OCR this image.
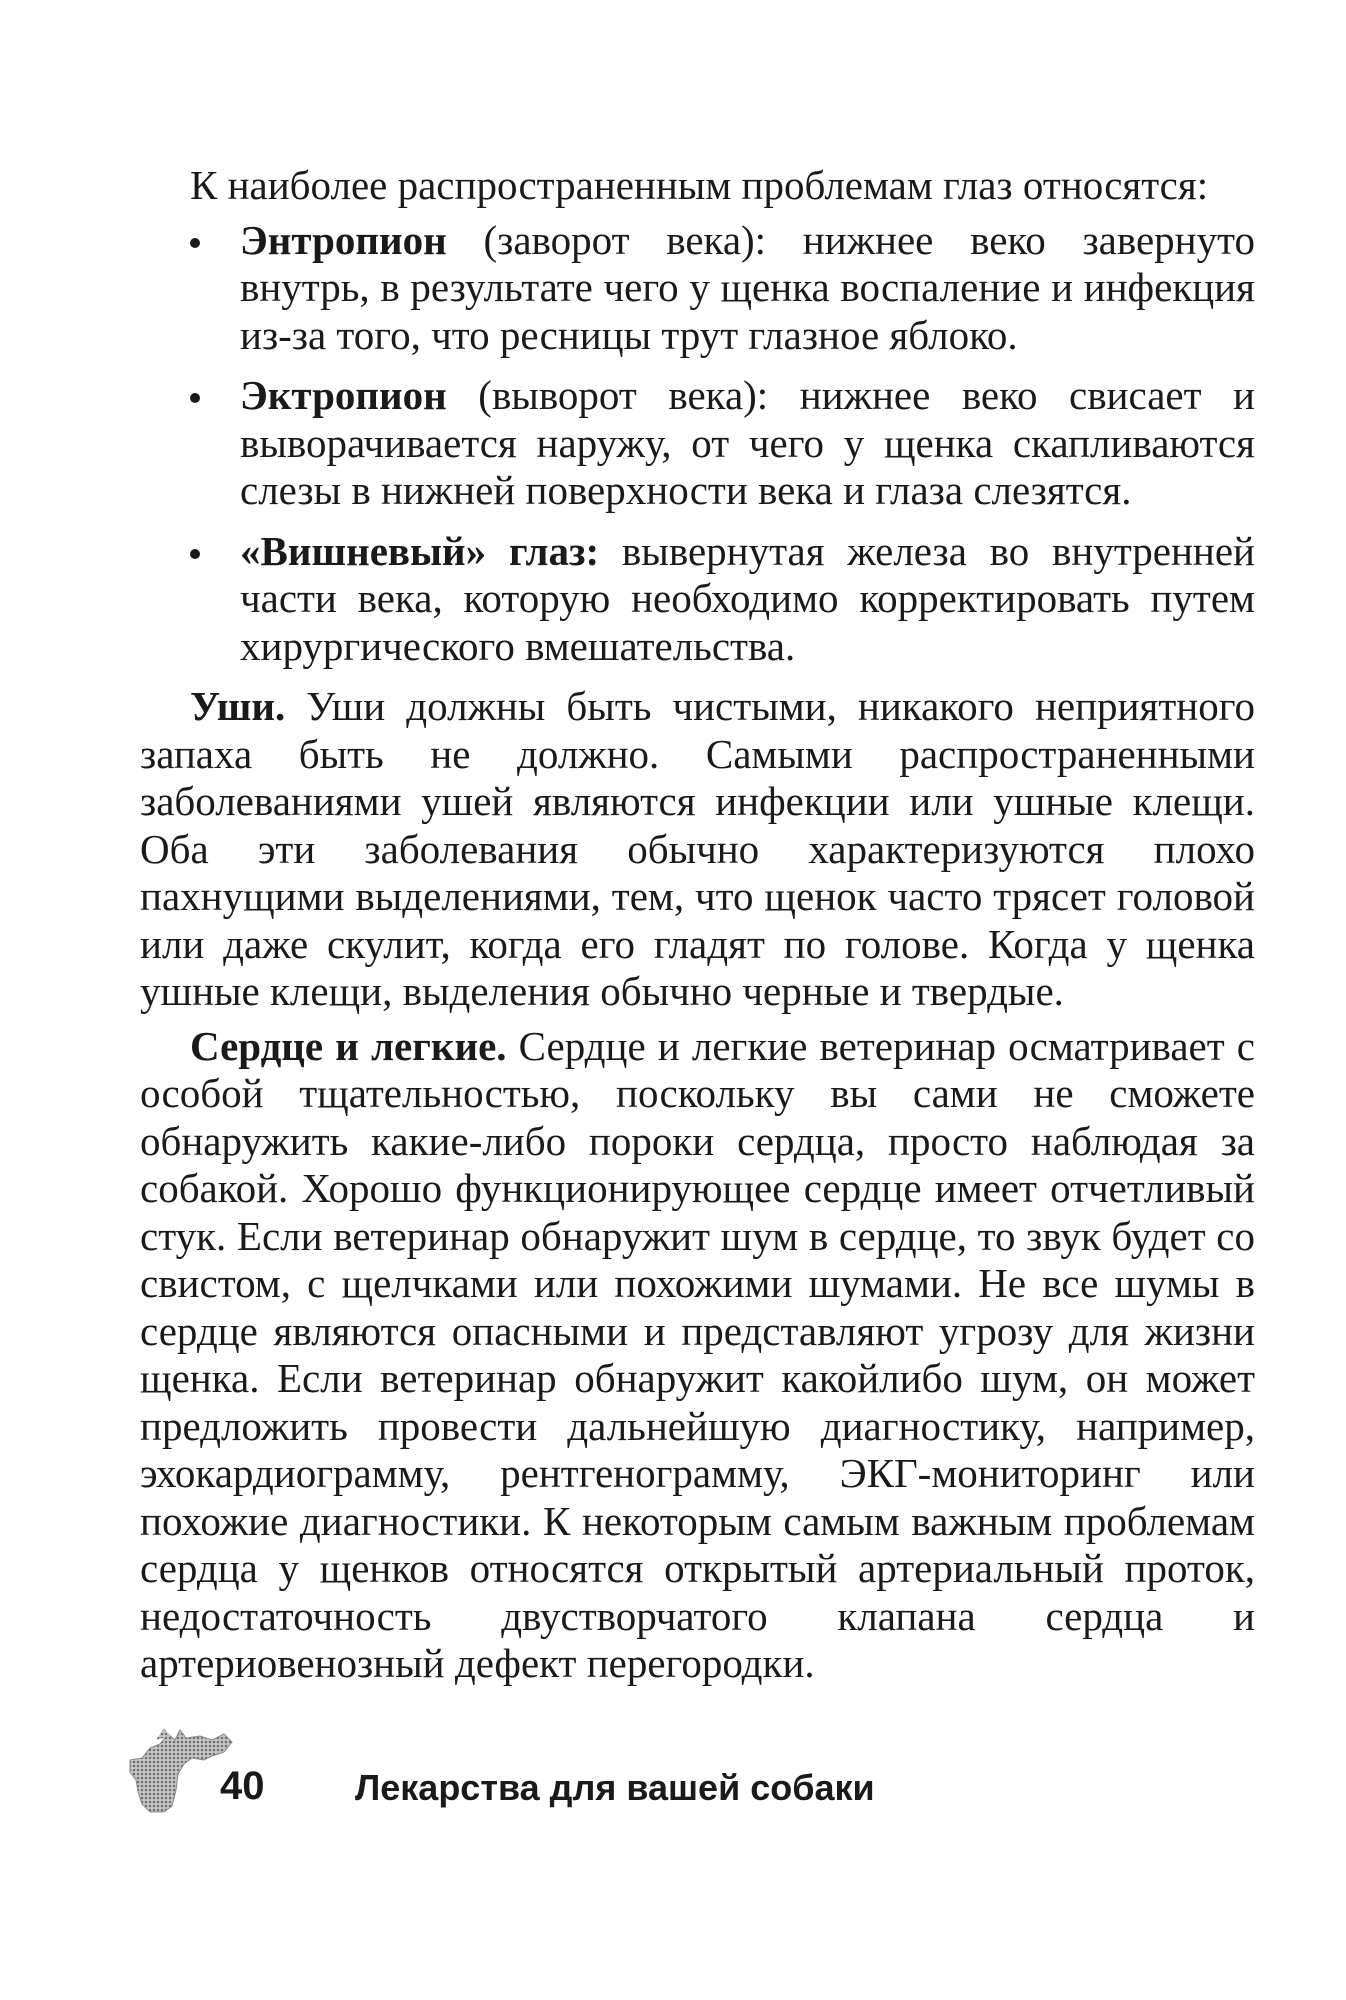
К наиболее распространенным проблемам глаз относятся:

Энтропион (заворот века): нижнее веко завернуто внутрь, в результате чего у щенка воспаление и инфекция из-за того, что ресницы трут глазное яблоко.
Эктропион (выворот века): нижнее веко свисает и выворачивается наружу, от чего у щенка скапливаются слезы в нижней поверхности века и глаза слезятся.
«Вишневый» глаз: вывернутая железа во внутренней части века, которую необходимо корректировать путем хирургического вмешательства.

Уши. Уши должны быть чистыми, никакого неприятного запаха быть не должно. Самыми распространенными заболеваниями ушей являются инфекции или ушные клещи. Оба эти заболевания обычно характеризуются плохо пахнущими выделениями, тем, что щенок часто трясет головой или даже скулит, когда его гладят по голове. Когда у щенка ушные клещи, выделения обычно черные и твердые.

Сердце и легкие. Сердце и легкие ветеринар осматривает с особой тщательностью, поскольку вы сами не сможете обнаружить какие-либо пороки сердца, просто наблюдая за собакой. Хорошо функционирующее сердце имеет отчетливый стук. Если ветеринар обнаружит шум в сердце, то звук будет со свистом, с щелчками или похожими шумами. Не все шумы в сердце являются опасными и представляют угрозу для жизни щенка. Если ветеринар обнаружит какойлибо шум, он может предложить провести дальнейшую диагностику, например, эхокардиограмму, рентгенограмму, ЭКГ-мониторинг или похожие диагностики. К некоторым самым важным проблемам сердца у щенков относятся открытый артериальный проток, недостаточность двустворчатого клапана сердца и артериовенозный дефект перегородки.

40	Лекарства для вашей собаки
